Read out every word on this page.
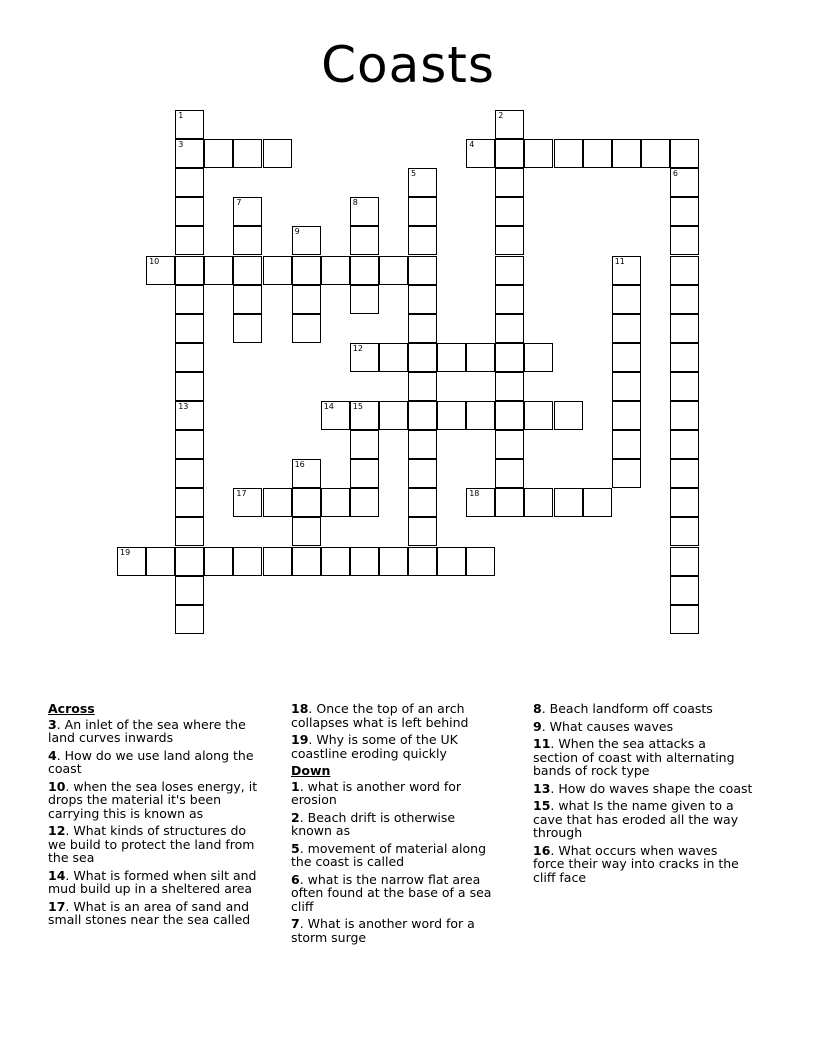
Coasts
3	4
10
12
14 15
17	18
19
1
13
2
5	6
7	8
9
11
16
Across
3. An inlet of the sea where the
land curves inwards
4. How do we use land along the
coast
10. when the sea loses energy, it
drops the material it's been
carrying this is known as
12. What kinds of structures do
we build to protect the land from
the sea
14. What is formed when silt and
mud build up in a sheltered area
17. What is an area of sand and
small stones near the sea called
18. Once the top of an arch
collapses what is left behind
19. Why is some of the UK
coastline eroding quickly
Down
1. what is another word for
erosion
2. Beach drift is otherwise
known as
5. movement of material along
the coast is called
6. what is the narrow flat area
often found at the base of a sea
cliff
7. What is another word for a
storm surge
8. Beach landform off coasts
9. What causes waves
11. When the sea attacks a
section of coast with alternating
bands of rock type
13. How do waves shape the coast
15. what Is the name given to a
cave that has eroded all the way
through
16. What occurs when waves
force their way into cracks in the
cliff face
